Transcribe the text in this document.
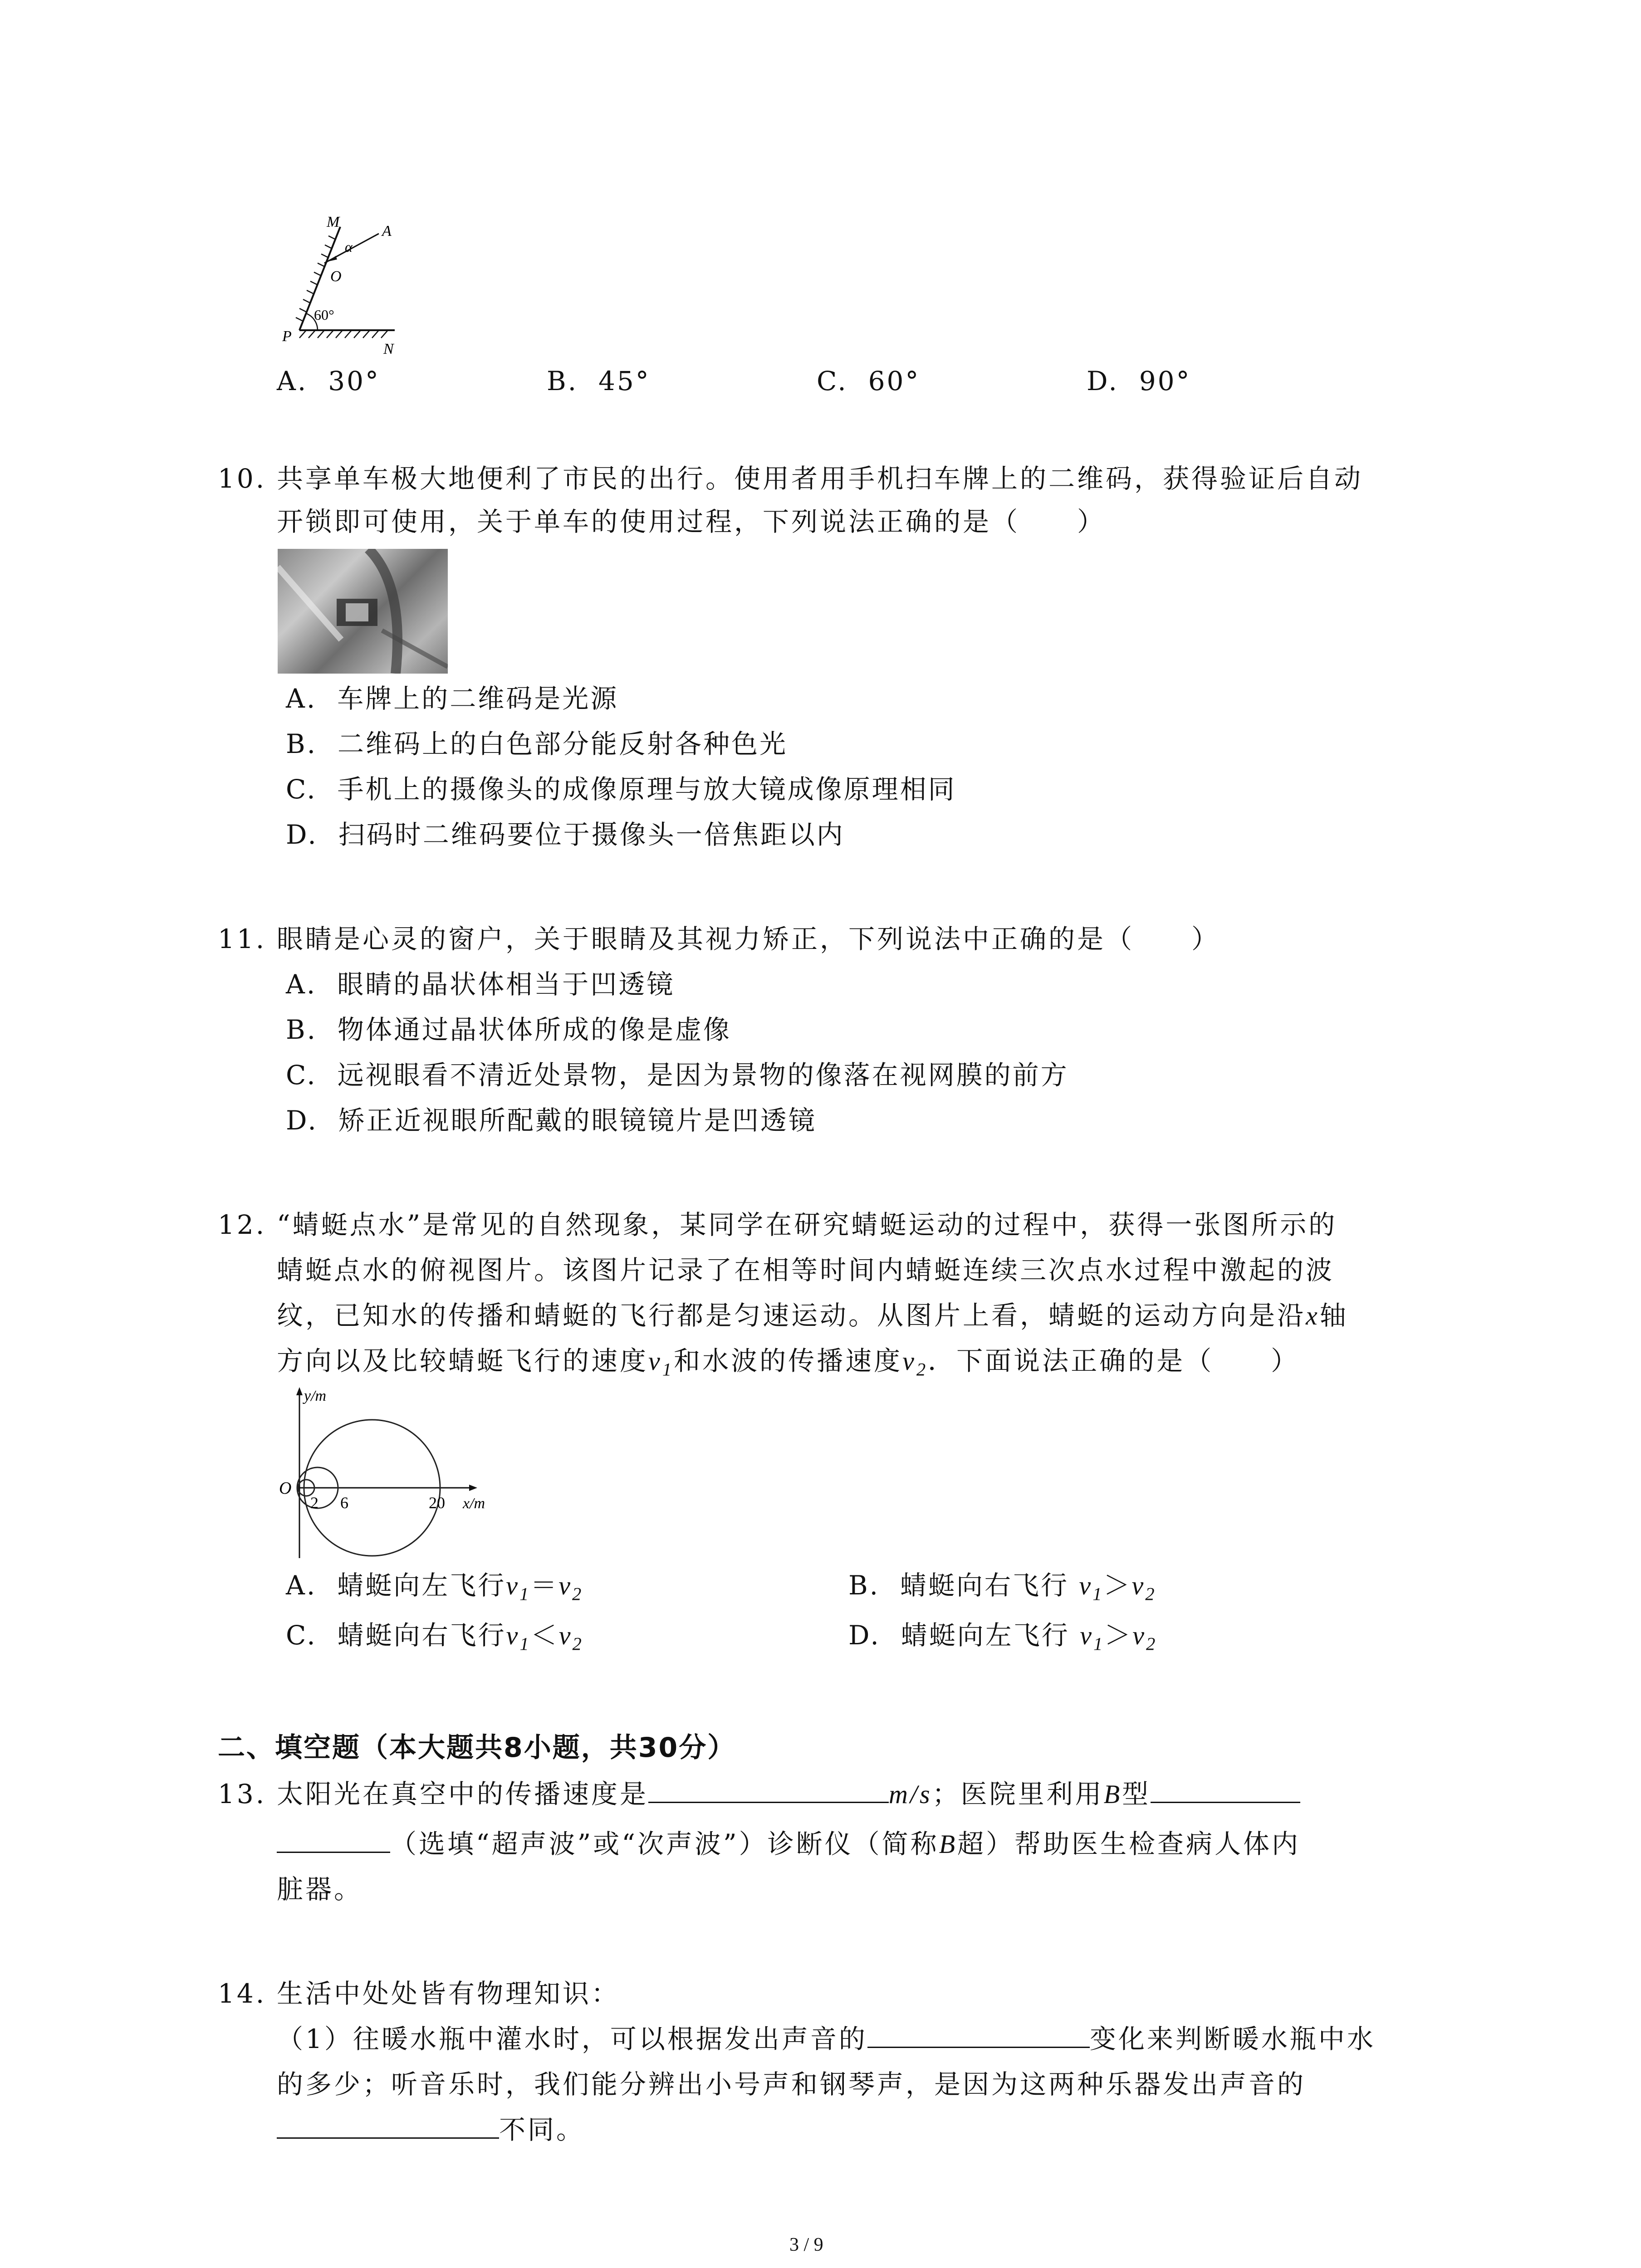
M
A
α
O
60°
P
N
A. 30°	B. 45°	C. 60°	D. 90°
10. 共享单车极大地便利了市民的出行。使用者用手机扫车牌上的二维码，获得验证后自动
开锁即可使用，关于单车的使用过程，下列说法正确的是（　　）
A. 车牌上的二维码是光源
B. 二维码上的白色部分能反射各种色光
C. 手机上的摄像头的成像原理与放大镜成像原理相同
D. 扫码时二维码要位于摄像头一倍焦距以内
11. 眼睛是心灵的窗户，关于眼睛及其视力矫正，下列说法中正确的是（　　）
A. 眼睛的晶状体相当于凹透镜
B. 物体通过晶状体所成的像是虚像
C. 远视眼看不清近处景物，是因为景物的像落在视网膜的前方
D. 矫正近视眼所配戴的眼镜镜片是凹透镜
12. “蜻蜓点水”是常见的自然现象，某同学在研究蜻蜓运动的过程中，获得一张图所示的
蜻蜓点水的俯视图片。该图片记录了在相等时间内蜻蜓连续三次点水过程中激起的波
纹，已知水的传播和蜻蜓的飞行都是匀速运动。从图片上看，蜻蜓的运动方向是沿x轴
方向以及比较蜻蜓飞行的速度$v_1$和水波的传播速度$v_2$．下面说法正确的是（　　）
y/m
x/m
O
2 6	20
A. 蜻蜓向左飞行$v_1=v_2$	B. 蜻蜓向右飞行 $v_1>v_2$
C. 蜻蜓向右飞行$v_1<v_2$	D. 蜻蜓向左飞行 $v_1>v_2$
二、填空题（本大题共8小题，共30分）
13. 太阳光在真空中的传播速度是	m/s；医院里利用B型
（选填“超声波”或“次声波”）诊断仪（简称B超）帮助医生检查病人体内
脏器。
14. 生活中处处皆有物理知识：
（1）往暖水瓶中灌水时，可以根据发出声音的	变化来判断暖水瓶中水
的多少；听音乐时，我们能分辨出小号声和钢琴声，是因为这两种乐器发出声音的
不同。
3 / 9
